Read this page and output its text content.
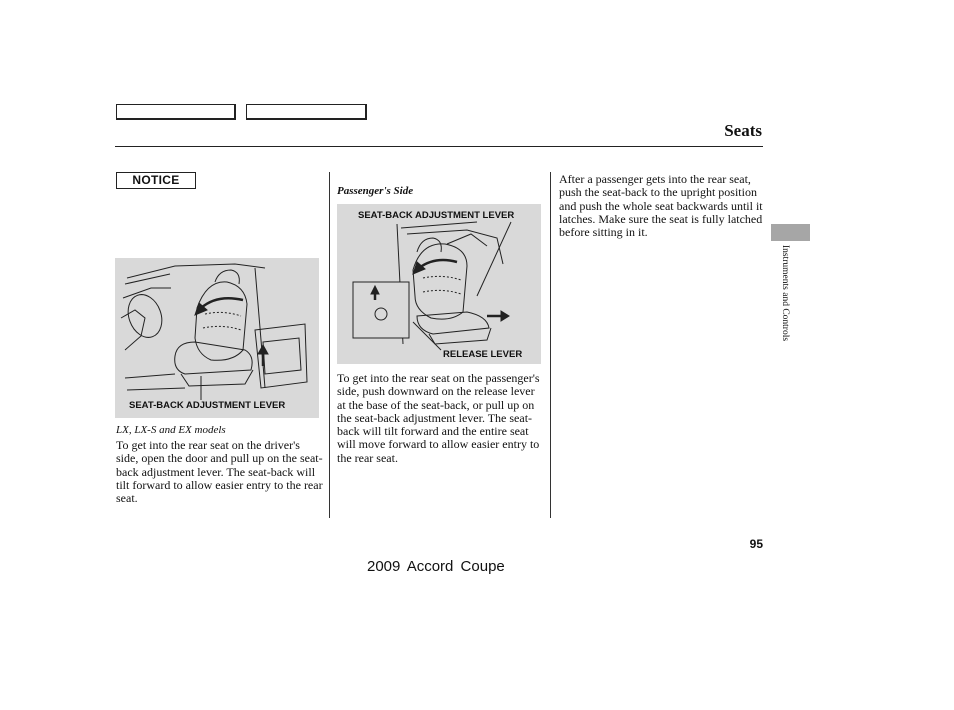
Seats
NOTICE
SEAT-BACK ADJUSTMENT LEVER
LX, LX-S and EX models
To get into the rear seat on the driver's side, open the door and pull up on the seat-back adjustment lever. The seat-back will tilt forward to allow easier entry to the rear seat.
Passenger's Side
SEAT-BACK ADJUSTMENT LEVER
RELEASE LEVER
To get into the rear seat on the passenger's side, push downward on the release lever at the base of the seat-back, or pull up on the seat-back adjustment lever. The seat-back will tilt forward and the entire seat will move forward to allow easier entry to the rear seat.
After a passenger gets into the rear seat, push the seat-back to the upright position and push the whole seat backwards until it latches. Make sure the seat is fully latched before sitting in it.
Instruments and Controls
95
2009 Accord Coupe
